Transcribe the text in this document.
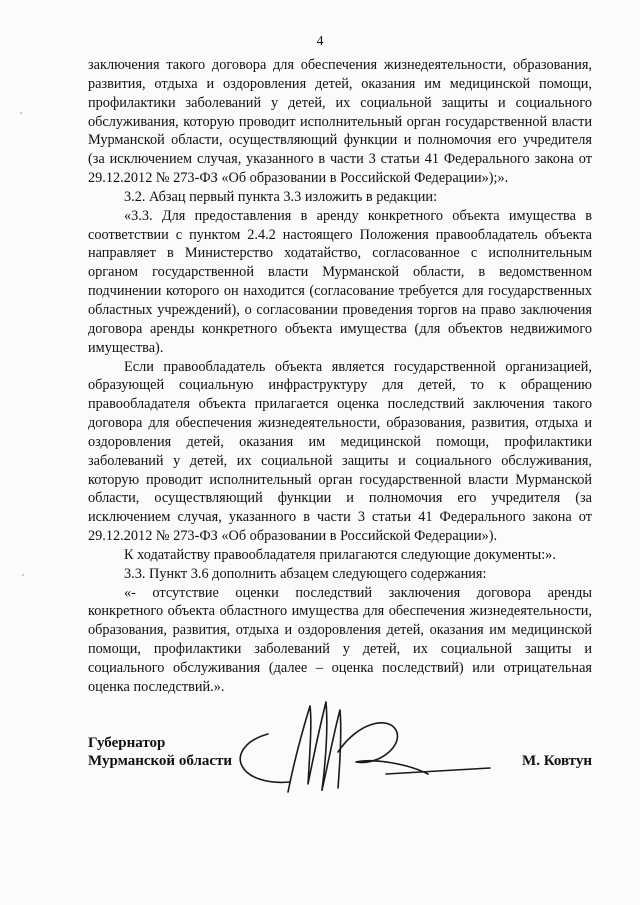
4

заключения такого договора для обеспечения жизнедеятельности, образования, развития, отдыха и оздоровления детей, оказания им медицинской помощи, профилактики заболеваний у детей, их социальной защиты и социального обслуживания, которую проводит исполнительный орган государственной власти Мурманской области, осуществляющий функции и полномочия его учредителя (за исключением случая, указанного в части 3 статьи 41 Федерального закона от 29.12.2012 № 273-ФЗ «Об образовании в Российской Федерации»);».

3.2. Абзац первый пункта 3.3 изложить в редакции:

«3.3. Для предоставления в аренду конкретного объекта имущества в соответствии с пунктом 2.4.2 настоящего Положения правообладатель объекта направляет в Министерство ходатайство, согласованное с исполнительным органом государственной власти Мурманской области, в ведомственном подчинении которого он находится (согласование требуется для государственных областных учреждений), о согласовании проведения торгов на право заключения договора аренды конкретного объекта имущества (для объектов недвижимого имущества).

Если правообладатель объекта является государственной организацией, образующей социальную инфраструктуру для детей, то к обращению правообладателя объекта прилагается оценка последствий заключения такого договора для обеспечения жизнедеятельности, образования, развития, отдыха и оздоровления детей, оказания им медицинской помощи, профилактики заболеваний у детей, их социальной защиты и социального обслуживания, которую проводит исполнительный орган государственной власти Мурманской области, осуществляющий функции и полномочия его учредителя (за исключением случая, указанного в части 3 статьи 41 Федерального закона от 29.12.2012 № 273-ФЗ «Об образовании в Российской Федерации»).

К ходатайству правообладателя прилагаются следующие документы:».

3.3. Пункт 3.6 дополнить абзацем следующего содержания:

«- отсутствие оценки последствий заключения договора аренды конкретного объекта областного имущества для обеспечения жизнедеятельности, образования, развития, отдыха и оздоровления детей, оказания им медицинской помощи, профилактики заболеваний у детей, их социальной защиты и социального обслуживания (далее – оценка последствий) или отрицательная оценка последствий.».

Губернатор
Мурманской области	М. Ковтун
